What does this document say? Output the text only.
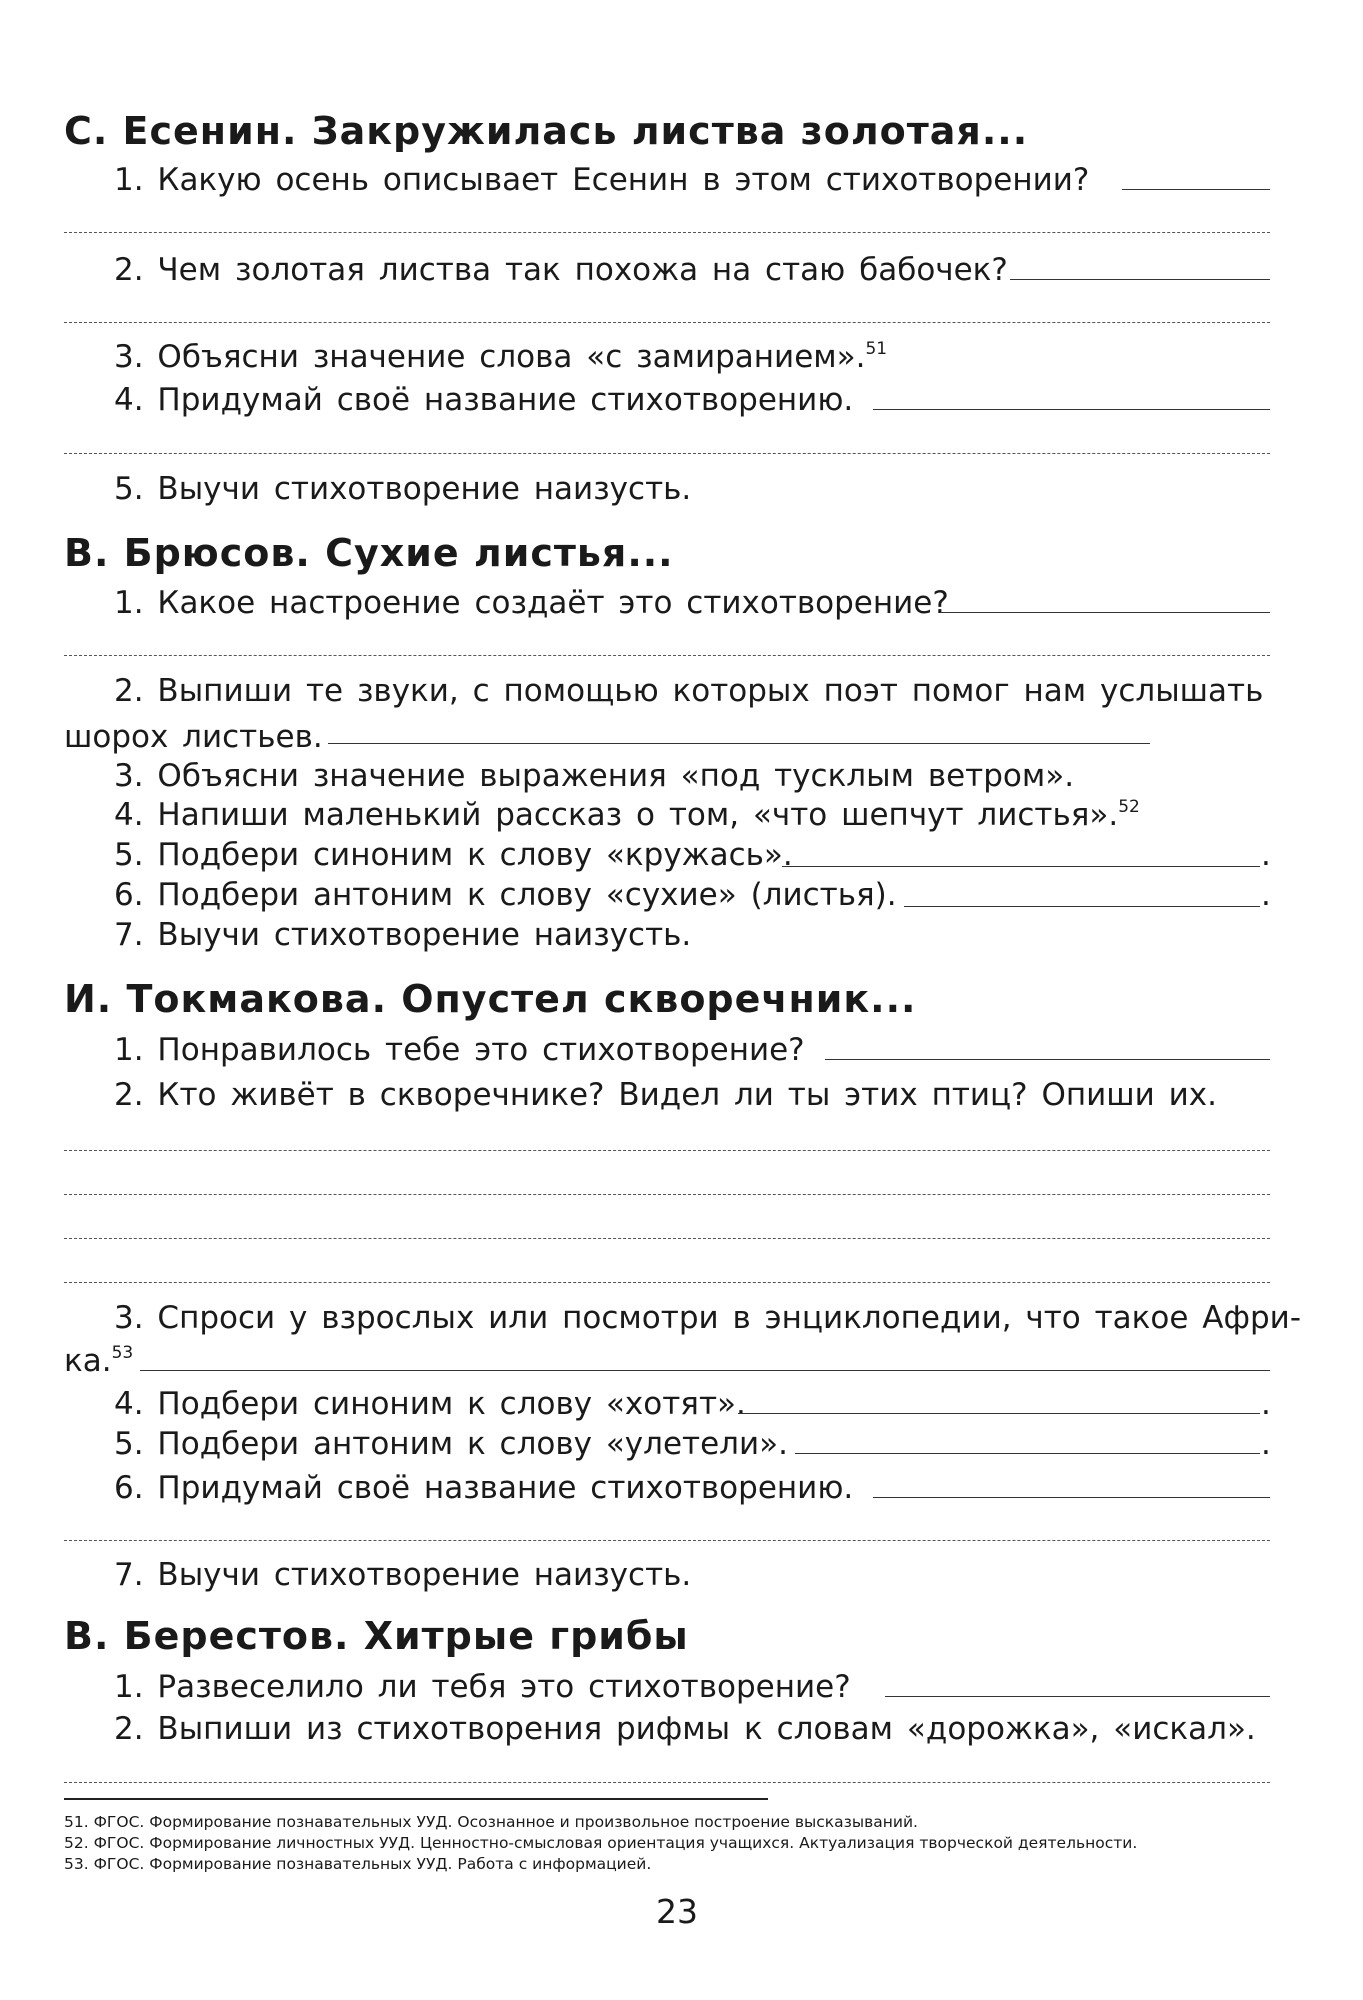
С. Есенин. Закружилась листва золотая...
1. Какую осень описывает Есенин в этом стихотворении?
2. Чем золотая листва так похожа на стаю бабочек?
3. Объясни значение слова «с замиранием».$^{51}$
4. Придумай своё название стихотворению.
5. Выучи стихотворение наизусть.
В. Брюсов. Сухие листья...
1. Какое настроение создаёт это стихотворение?
2. Выпиши те звуки, с помощью которых поэт помог нам услышать
шорох листьев.
3. Объясни значение выражения «под тусклым ветром».
4. Напиши маленький рассказ о том, «что шепчут листья».$^{52}$
5. Подбери синоним к слову «кружась».	.
6. Подбери антоним к слову «сухие» (листья).	.
7. Выучи стихотворение наизусть.
И. Токмакова. Опустел скворечник...
1. Понравилось тебе это стихотворение?
2. Кто живёт в скворечнике? Видел ли ты этих птиц? Опиши их.
3. Спроси у взрослых или посмотри в энциклопедии, что такое Афри-
ка.$^{53}$
4. Подбери синоним к слову «хотят».	.
5. Подбери антоним к слову «улетели».	.
6. Придумай своё название стихотворению.
7. Выучи стихотворение наизусть.
В. Берестов. Хитрые грибы
1. Развеселило ли тебя это стихотворение?
2. Выпиши из стихотворения рифмы к словам «дорожка», «искал».
51. ФГОС. Формирование познавательных УУД. Осознанное и произвольное построение высказываний.
52. ФГОС. Формирование личностных УУД. Ценностно-смысловая ориентация учащихся. Актуализация творческой деятельности.
53. ФГОС. Формирование познавательных УУД. Работа с информацией.
23
